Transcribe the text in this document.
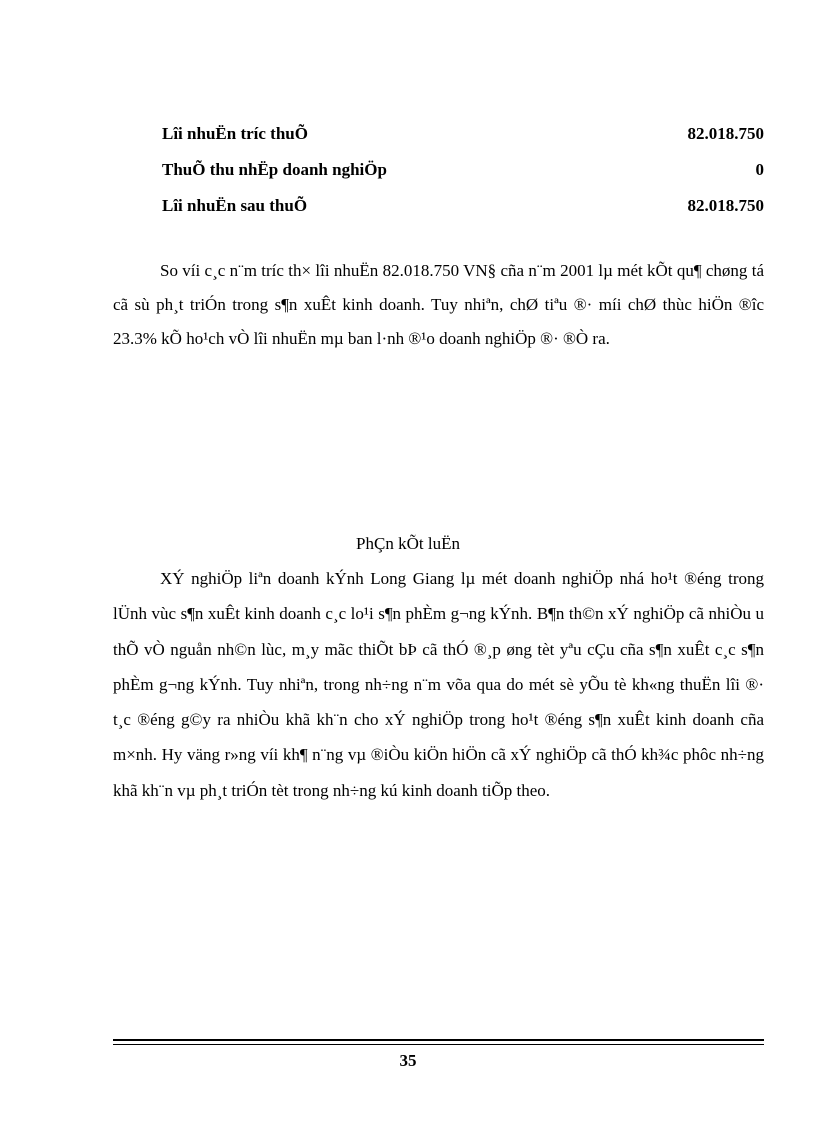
Lîi nhuËn tríc thuÕ	82.018.750
ThuÕ thu nhËp doanh nghiÖp	0
Lîi nhuËn sau thuÕ	82.018.750

So víi c¸c n¨m tríc th× lîi nhuËn 82.018.750 VN§ cña n¨m 2001 lµ mét kÕt qu¶ chøng tá cã sù ph¸t triÓn trong s¶n xuÊt kinh doanh. Tuy nhiªn, chØ tiªu ®· míi chØ thùc hiÖn ®îc 23.3% kÕ ho¹ch vÒ lîi nhuËn mµ ban l·nh ®¹o doanh nghiÖp ®· ®Ò ra.

PhÇn kÕt luËn

XÝ nghiÖp liªn doanh kÝnh Long Giang lµ mét doanh nghiÖp nhá ho¹t ®éng trong lÜnh vùc s¶n xuÊt kinh doanh c¸c lo¹i s¶n phÈm g¬ng kÝnh. B¶n th©n xÝ nghiÖp cã nhiÒu u thÕ vÒ nguån nh©n lùc, m¸y mãc thiÕt bÞ cã thÓ ®¸p øng tèt yªu cÇu cña s¶n xuÊt c¸c s¶n phÈm g¬ng kÝnh. Tuy nhiªn, trong nh÷ng n¨m võa qua do mét sè yÕu tè kh«ng thuËn lîi ®· t¸c ®éng g©y ra nhiÒu khã kh¨n cho xÝ nghiÖp trong ho¹t ®éng s¶n xuÊt kinh doanh cña m×nh. Hy väng r»ng víi kh¶ n¨ng vµ ®iÒu kiÖn hiÖn cã xÝ nghiÖp cã thÓ kh¾c phôc nh÷ng khã kh¨n vµ ph¸t triÓn tèt trong nh÷ng kú kinh doanh tiÕp theo.

35
